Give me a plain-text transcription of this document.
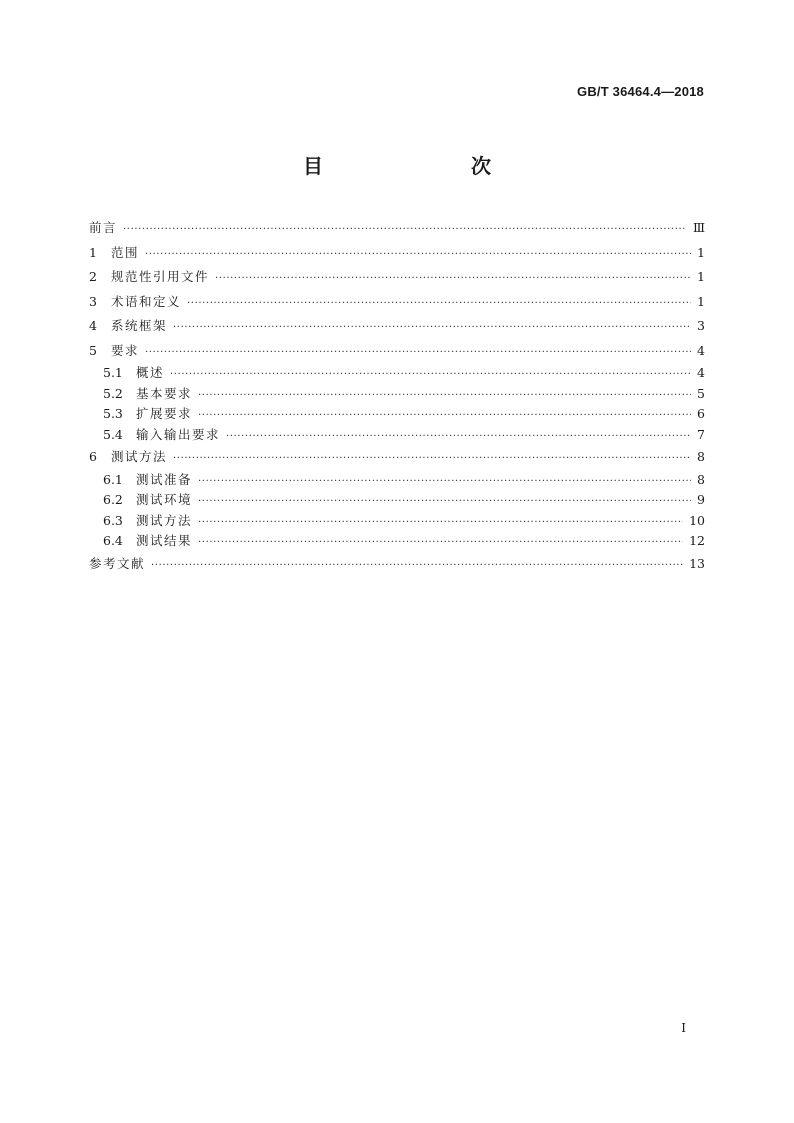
GB/T 36464.4—2018
目　　次
前言 ·····	Ⅲ
1	范围 ·····	1
2	规范性引用文件 ·····	1
3	术语和定义 ·····	1
4	系统框架 ·····	3
5	要求 ·····	4
5.1	概述 ·····	4
5.2	基本要求 ·····	5
5.3	扩展要求 ·····	6
5.4	输入输出要求 ·····	7
6	测试方法 ·····	8
6.1	测试准备 ·····	8
6.2	测试环境 ·····	9
6.3	测试方法 ·····	10
6.4	测试结果 ·····	12
参考文献 ·····	13
I
